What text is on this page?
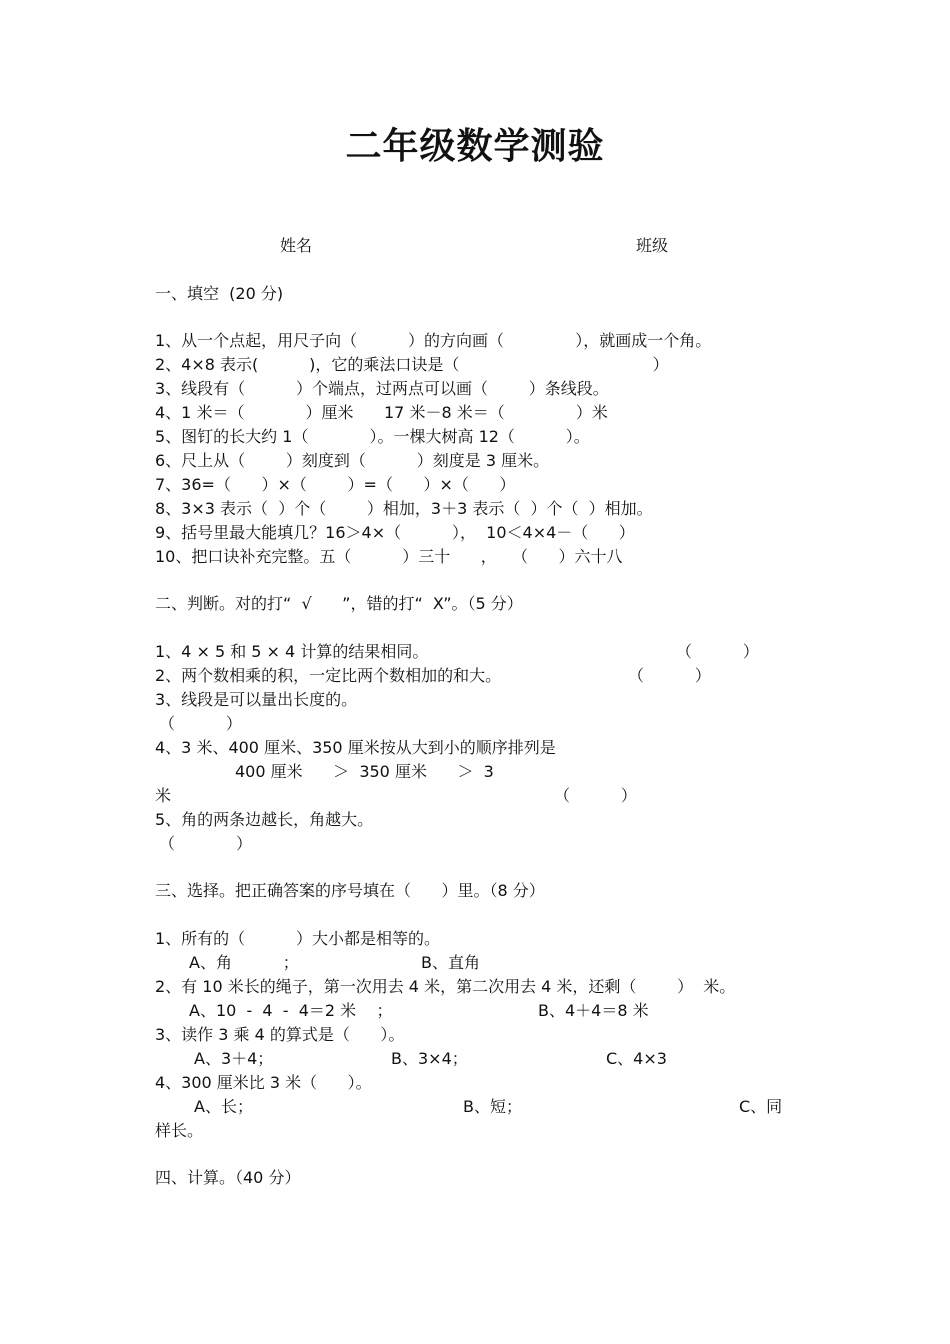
二年级数学测验
姓名	班级
一、填空  (20 分)
1、从一个点起，用尺子向（          ）的方向画（              ），就画成一个角。
2、4×8 表示(          )，它的乘法口诀是（                                      ）
3、线段有（          ）个端点，过两点可以画（        ）条线段。
4、1 米＝（            ）厘米      17 米－8 米＝（              ）米
5、图钉的长大约 1（            ）。一棵大树高 12（          ）。
6、尺上从（        ）刻度到（          ）刻度是 3 厘米。
7、36=（      ）×（        ）=（      ）×（      ）
8、3×3 表示（  ）个（        ）相加，3＋3 表示（  ）个（  ）相加。
9、括号里最大能填几？16＞4×（          ），  10＜4×4－（      ）
10、把口诀补充完整。五（          ）三十      ，   （      ）六十八
二、判断。对的打“  √      ”，错的打“  X”。（5 分）
1、4 × 5 和 5 × 4 计算的结果相同。	（          ）
2、两个数相乘的积，一定比两个数相加的和大。	（          ）
3、线段是可以量出长度的。
（          ）
4、3 米、400 厘米、350 厘米按从大到小的顺序排列是
400 厘米      ＞  350 厘米      ＞  3
米	（          ）
5、角的两条边越长，角越大。
（            ）
三、选择。把正确答案的序号填在（      ）里。（8 分）
1、所有的（          ）大小都是相等的。
A、角          ；	B、直角
2、有 10 米长的绳子，第一次用去 4 米，第二次用去 4 米，还剩（        ）  米。
A、10  -  4  -  4＝2 米    ；	B、4＋4＝8 米
3、读作 3 乘 4 的算式是（      ）。
A、3＋4；	B、3×4；	C、4×3
4、300 厘米比 3 米（      ）。
A、长；	B、短；	C、同
样长。
四、计算。（40 分）
